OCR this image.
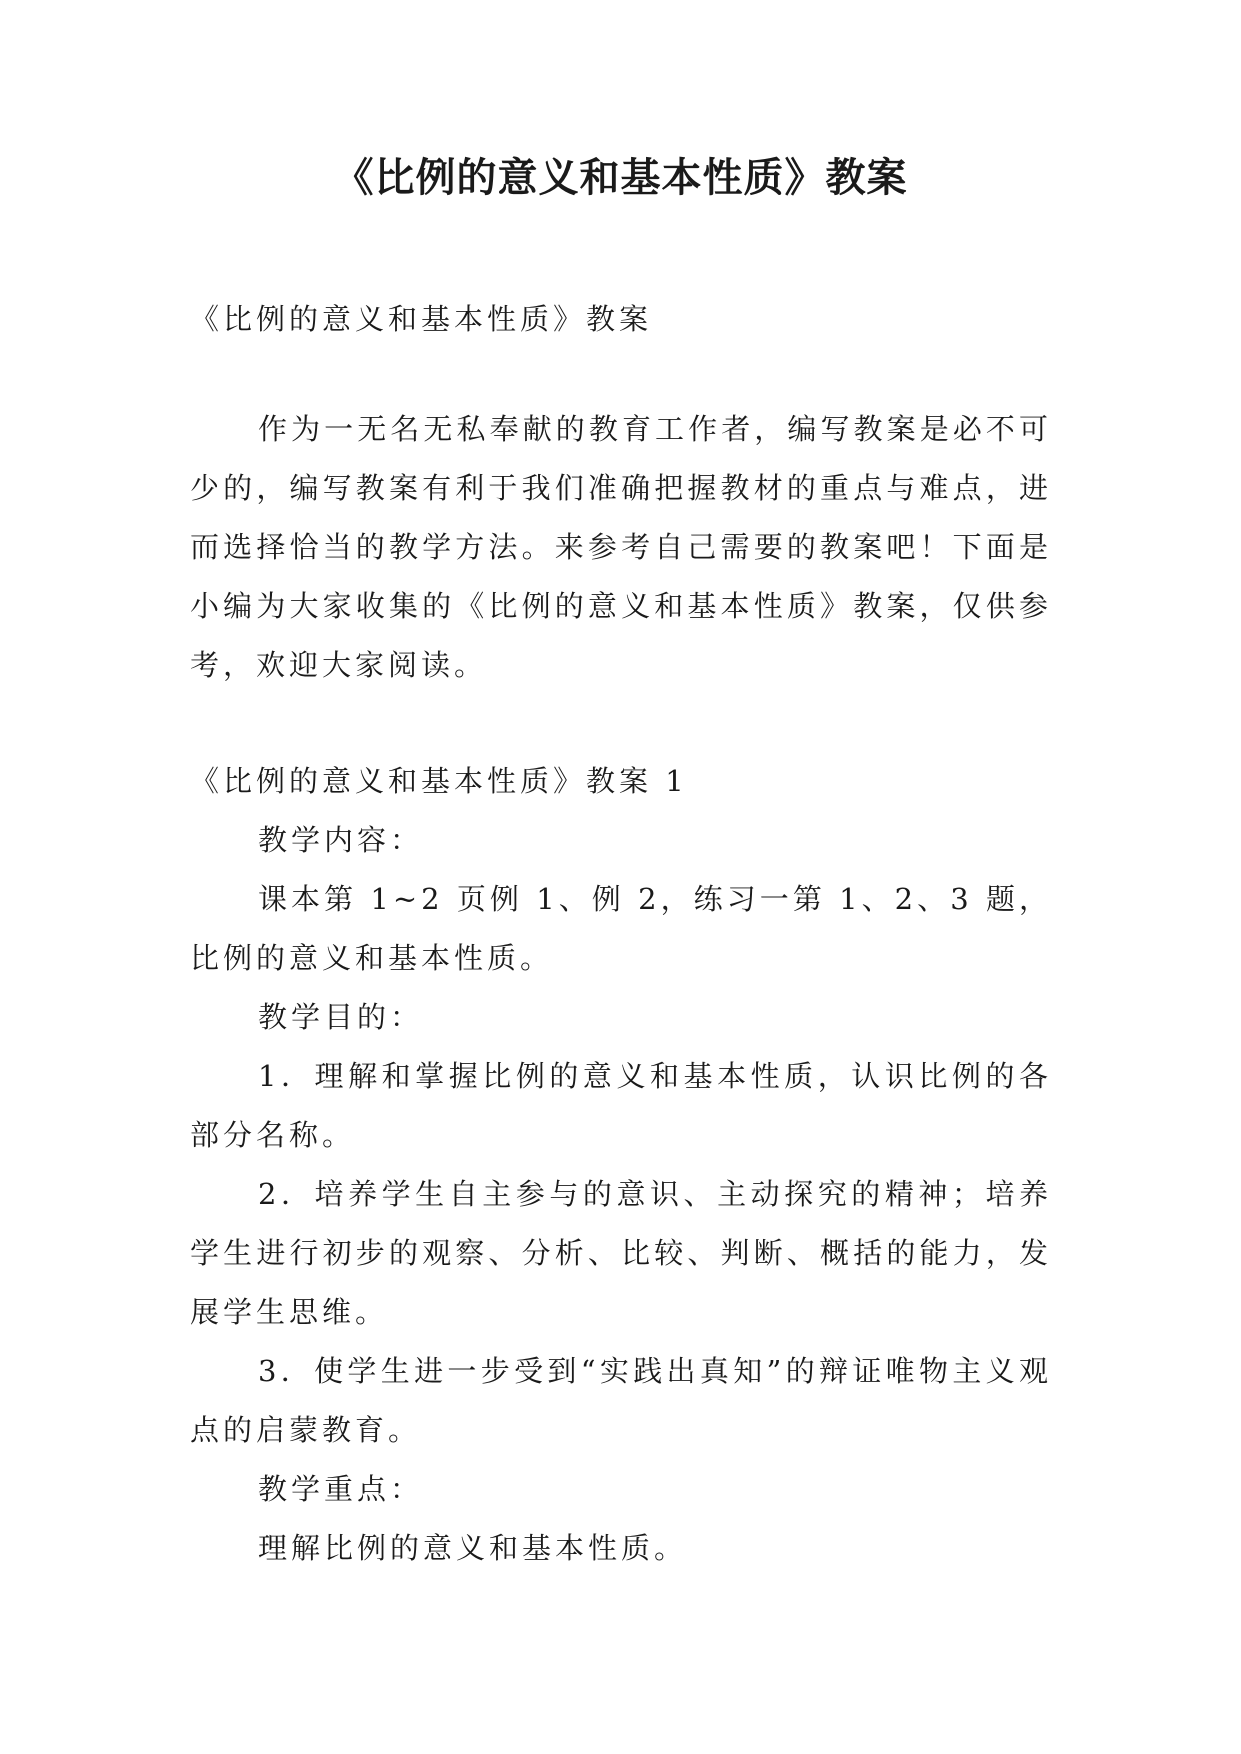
《比例的意义和基本性质》教案

《比例的意义和基本性质》教案

作为一无名无私奉献的教育工作者，编写教案是必不可少的，编写教案有利于我们准确把握教材的重点与难点，进而选择恰当的教学方法。来参考自己需要的教案吧！下面是小编为大家收集的《比例的意义和基本性质》教案，仅供参考，欢迎大家阅读。

《比例的意义和基本性质》教案 1

教学内容：

课本第 1~2 页例 1、例 2，练习一第 1、2、3 题，比例的意义和基本性质。

教学目的：

1．理解和掌握比例的意义和基本性质，认识比例的各部分名称。

2．培养学生自主参与的意识、主动探究的精神；培养学生进行初步的观察、分析、比较、判断、概括的能力，发展学生思维。

3．使学生进一步受到“实践出真知”的辩证唯物主义观点的启蒙教育。

教学重点：

理解比例的意义和基本性质。
